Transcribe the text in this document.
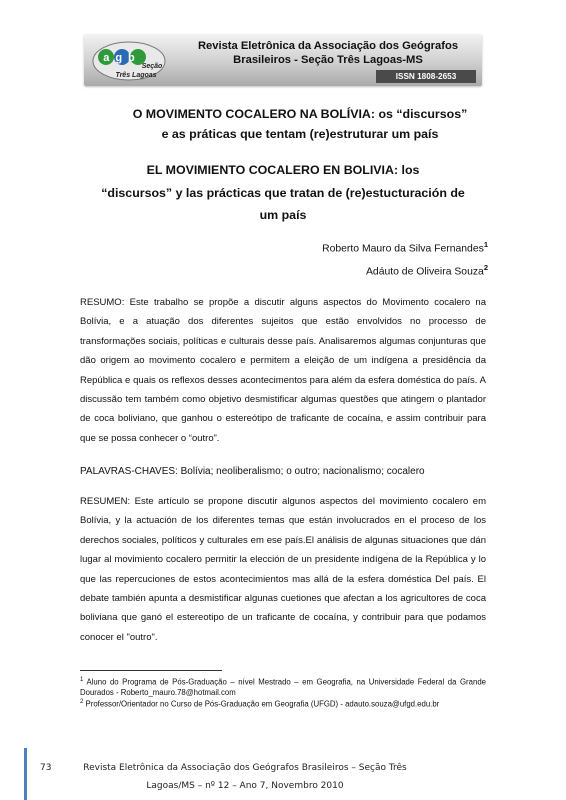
agb
Seção
Três Lagoas
Revista Eletrônica da Associação dos Geógrafos
Brasileiros - Seção Três Lagoas-MS
ISSN 1808-2653
O MOVIMENTO COCALERO NA BOLÍVIA: os “discursos”
e as práticas que tentam (re)estruturar um país
EL MOVIMIENTO COCALERO EN BOLIVIA: los
“discursos” y las prácticas que tratan de (re)estucturación de
um país
Roberto Mauro da Silva Fernandes$^1$
Adáuto de Oliveira Souza$^2$
RESUMO: Este trabalho se propõe a discutir alguns aspectos do Movimento cocalero na Bolívia, e a atuação dos diferentes sujeitos que estão envolvidos no processo de transformações sociais, políticas e culturais desse país. Analisaremos algumas conjunturas que dão origem ao movimento cocalero e permitem a eleição de um indígena a presidência da República e quais os reflexos desses acontecimentos para além da esfera doméstica do país. A discussão tem também como objetivo desmistificar algumas questões que atingem o plantador de coca boliviano, que ganhou o estereótipo de traficante de cocaína, e assim contribuir para que se possa conhecer o “outro”.
PALAVRAS-CHAVES: Bolívia; neoliberalismo; o outro; nacionalismo; cocalero
RESUMEN: Este artículo se propone discutir algunos aspectos del movimiento cocalero em Bolívia, y la actuación de los diferentes temas que están involucrados en el proceso de los derechos sociales, políticos y culturales em ese país.El análisis de algunas situaciones que dán lugar al movimiento cocalero permitir la elección de un presidente indígena de la República y lo que las repercuciones de estos acontecimientos mas allá de la esfera doméstica Del país. El debate también apunta a desmistificar algunas cuetiones que afectan a los agricultores de coca boliviana que ganó el estereotipo de un traficante de cocaína, y contribuir para que podamos conocer el "outro".
$^1$ Aluno do Programa de Pós-Graduação – nível Mestrado – em Geografia, na Universidade Federal da Grande Dourados - Roberto_mauro.78@hotmail.com
$^2$ Professor/Orientador no Curso de Pós-Graduação em Geografia (UFGD) - adauto.souza@ufgd.edu.br
73	Revista Eletrônica da Associação dos Geógrafos Brasileiros – Seção Três
Lagoas/MS – nº 12 – Ano 7, Novembro 2010
